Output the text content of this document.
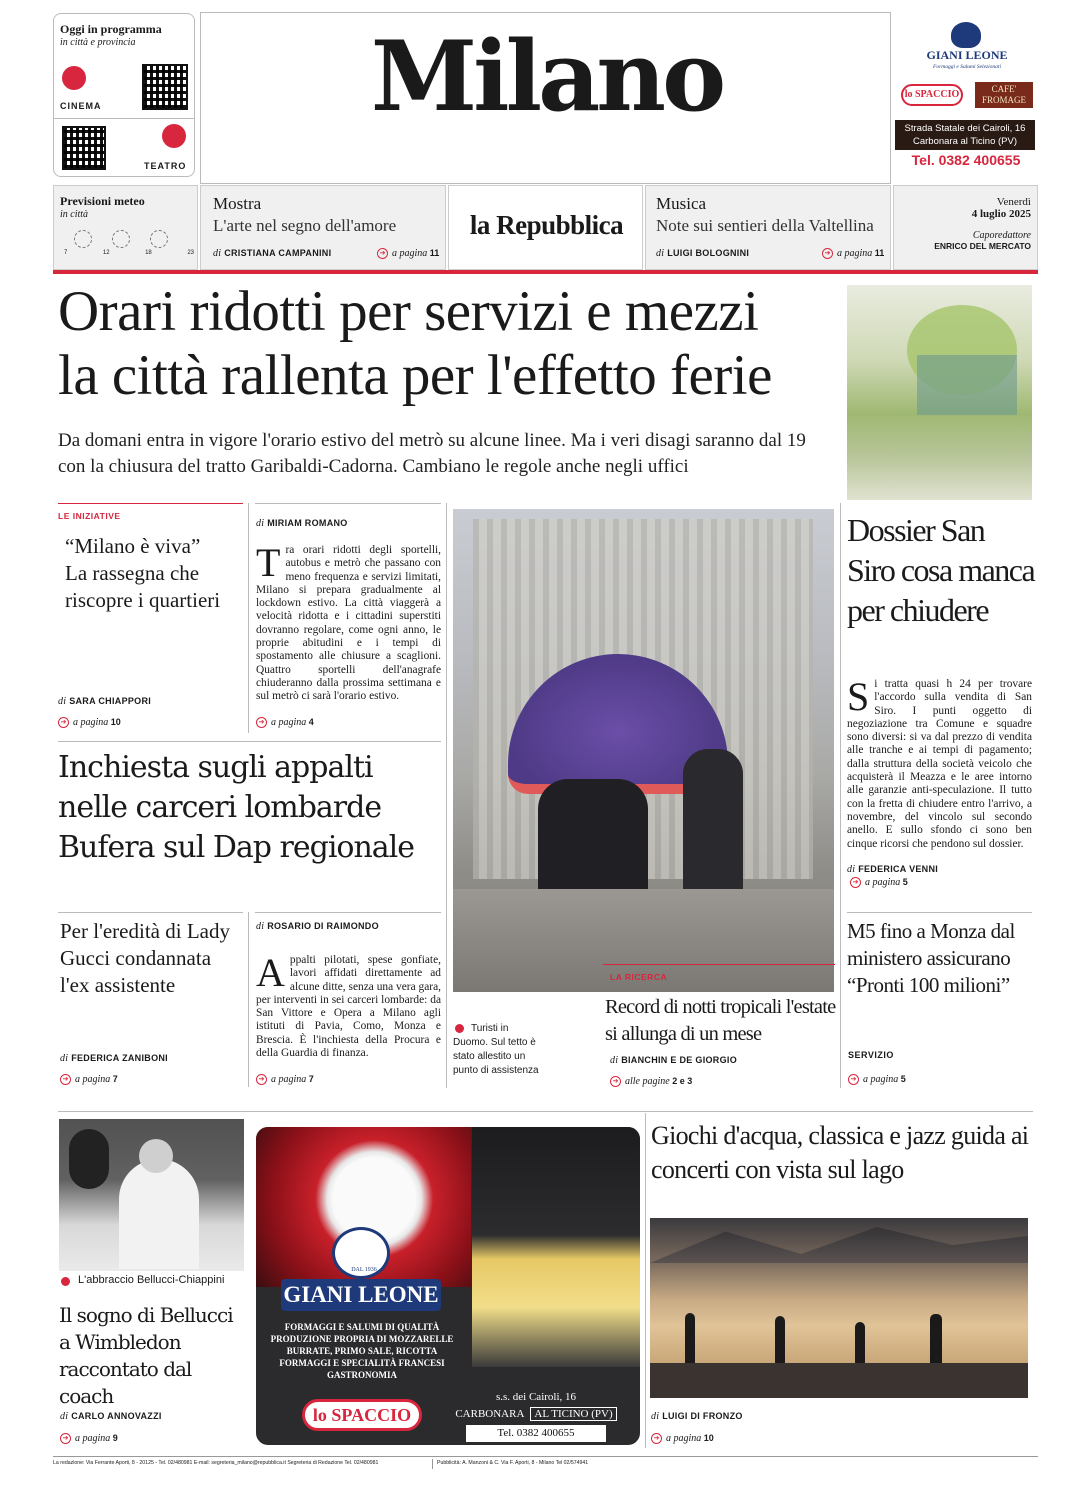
Oggi in programma
in città e provincia
CINEMA
TEATRO
Milano	GIANI LEONE
Formaggi e Salumi Selezionati
lo SPACCIO	CAFE'
FROMAGE
Strada Statale dei Cairoli, 16
Carbonara al Ticino (PV)
Tel. 0382 400655
Previsioni meteo
in città
7	12	18	23
Mostra
L'arte nel segno dell'amore
di CRISTIANA CAMPANINI	➔ a pagina 11
la Repubblica
Musica
Note sui sentieri della Valtellina
di LUIGI BOLOGNINI	➔ a pagina 11
Venerdì
4 luglio 2025
Caporedattore
ENRICO DEL MERCATO
Orari ridotti per servizi e mezzi
la città rallenta per l'effetto ferie
Da domani entra in vigore l'orario estivo del metrò su alcune linee. Ma i veri disagi saranno dal 19 con la chiusura del tratto Garibaldi-Cadorna. Cambiano le regole anche negli uffici
LE INIZIATIVE
“Milano è viva” La rassegna che riscopre i quartieri
di SARA CHIAPPORI
➔ a pagina 10
di MIRIAM ROMANO
Tra orari ridotti degli sportelli, autobus e metrò che passano con meno frequenza e servizi limitati, Milano si prepara gradualmente al lockdown estivo. La città viaggerà a velocità ridotta e i cittadini superstiti dovranno regolare, come ogni anno, le proprie abitudini e i tempi di spostamento alle chiusure a scaglioni. Quattro sportelli dell'anagrafe chiuderanno dalla prossima settimana e sul metrò ci sarà l'orario estivo.
➔ a pagina 4
Inchiesta sugli appalti nelle carceri lombarde Bufera sul Dap regionale
Per l'eredità di Lady Gucci condannata l'ex assistente
di FEDERICA ZANIBONI
➔ a pagina 7
di ROSARIO DI RAIMONDO
Appalti pilotati, spese gonfiate, lavori affidati direttamente ad alcune ditte, senza una vera gara, per interventi in sei carceri lombarde: da San Vittore e Opera a Milano agli istituti di Pavia, Como, Monza e Brescia. È l'inchiesta della Procura e della Guardia di finanza.
➔ a pagina 7
Turisti in Duomo. Sul tetto è stato allestito un punto di assistenza
LA RICERCA
Record di notti tropicali l'estate si allunga di un mese
di BIANCHIN E DE GIORGIO
➔ alle pagine 2 e 3
Dossier San Siro cosa manca per chiudere
Si tratta quasi h 24 per trovare l'accordo sulla vendita di San Siro. I punti oggetto di negoziazione tra Comune e squadre sono diversi: si va dal prezzo di vendita alle tranche e ai tempi di pagamento; dalla struttura della società veicolo che acquisterà il Meazza e le aree intorno alle garanzie anti-speculazione. Il tutto con la fretta di chiudere entro l'arrivo, a novembre, del vincolo sul secondo anello. E sullo sfondo ci sono ben cinque ricorsi che pendono sul dossier.
di FEDERICA VENNI
➔ a pagina 5
M5 fino a Monza dal ministero assicurano “Pronti 100 milioni”
SERVIZIO
➔ a pagina 5
L'abbraccio Bellucci-Chiappini
Il sogno di Bellucci a Wimbledon raccontato dal coach
di CARLO ANNOVAZZI
➔ a pagina 9
DAL 1936
GIANI LEONE
FORMAGGI E SALUMI DI QUALITÀ
PRODUZIONE PROPRIA DI MOZZARELLE
BURRATE, PRIMO SALE, RICOTTA
FORMAGGI E SPECIALITÀ FRANCESI
GASTRONOMIA
lo SPACCIO
s.s. dei Cairoli, 16
CARBONARA AL TICINO (PV)
Tel. 0382 400655
Giochi d'acqua, classica e jazz guida ai concerti con vista sul lago
di LUIGI DI FRONZO
➔ a pagina 10
La redazione: Via Ferrante Aporti, 8 - 20125 - Tel. 02/480981 E-mail: segreteria_milano@repubblica.it Segreteria di Redazione Tel. 02/480981	Pubblicità: A. Manzoni & C. Via F. Aporti, 8 - Milano Tel 02/574941
